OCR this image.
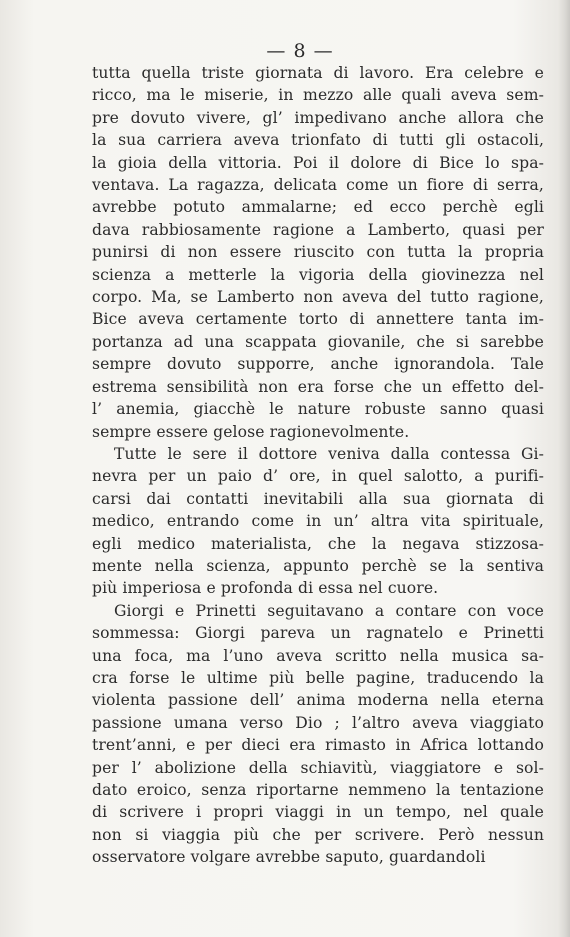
— 8 —
tutta quella triste giornata di lavoro. Era celebre e
ricco, ma le miserie, in mezzo alle quali aveva sem-
pre dovuto vivere, gl’ impedivano anche allora che
la sua carriera aveva trionfato di tutti gli ostacoli,
la gioia della vittoria. Poi il dolore di Bice lo spa-
ventava. La ragazza, delicata come un fiore di serra,
avrebbe potuto ammalarne; ed ecco perchè egli
dava rabbiosamente ragione a Lamberto, quasi per
punirsi di non essere riuscito con tutta la propria
scienza a metterle la vigoria della giovinezza nel
corpo. Ma, se Lamberto non aveva del tutto ragione,
Bice aveva certamente torto di annettere tanta im-
portanza ad una scappata giovanile, che si sarebbe
sempre dovuto supporre, anche ignorandola. Tale
estrema sensibilità non era forse che un effetto del-
l’ anemia, giacchè le nature robuste sanno quasi
sempre essere gelose ragionevolmente.
Tutte le sere il dottore veniva dalla contessa Gi-
nevra per un paio d’ ore, in quel salotto, a purifi-
carsi dai contatti inevitabili alla sua giornata di
medico, entrando come in un’ altra vita spirituale,
egli medico materialista, che la negava stizzosa-
mente nella scienza, appunto perchè se la sentiva
più imperiosa e profonda di essa nel cuore.
Giorgi e Prinetti seguitavano a contare con voce
sommessa: Giorgi pareva un ragnatelo e Prinetti
una foca, ma l’uno aveva scritto nella musica sa-
cra forse le ultime più belle pagine, traducendo la
violenta passione dell’ anima moderna nella eterna
passione umana verso Dio ; l’altro aveva viaggiato
trent’anni, e per dieci era rimasto in Africa lottando
per l’ abolizione della schiavitù, viaggiatore e sol-
dato eroico, senza riportarne nemmeno la tentazione
di scrivere i propri viaggi in un tempo, nel quale
non si viaggia più che per scrivere. Però nessun
osservatore volgare avrebbe saputo, guardandoli
